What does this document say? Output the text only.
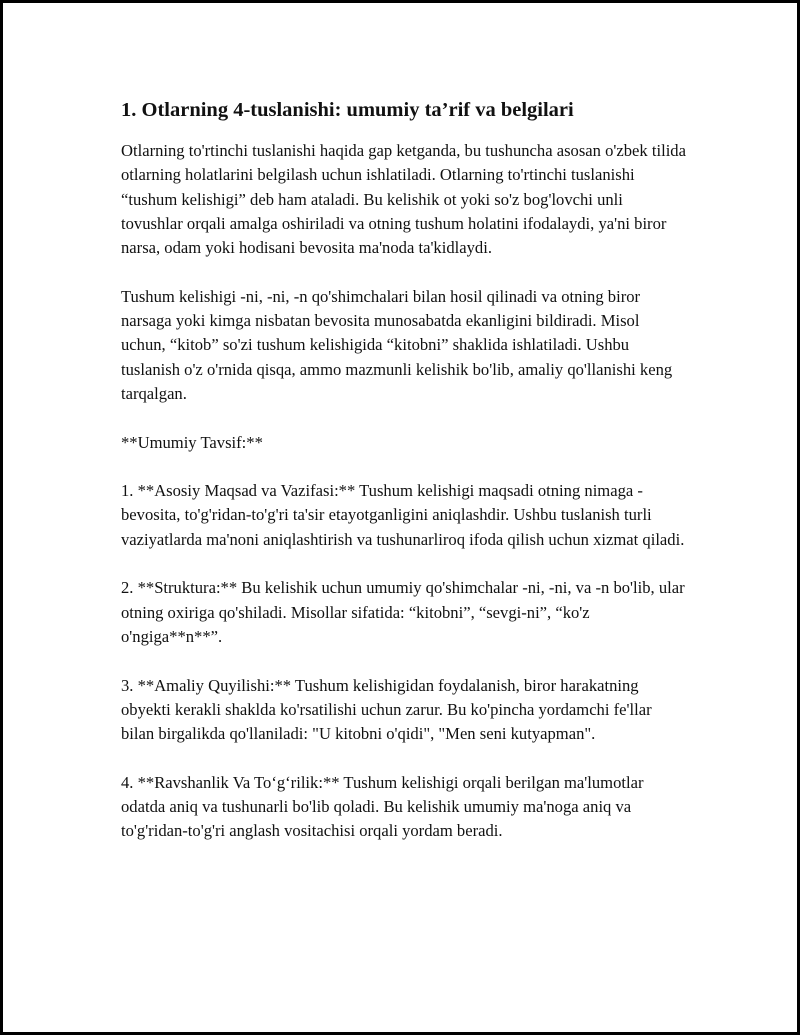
1. Otlarning 4-tuslanishi: umumiy ta’rif va belgilari

Otlarning to'rtinchi tuslanishi haqida gap ketganda, bu tushuncha asosan o'zbek tilida otlarning holatlarini belgilash uchun ishlatiladi. Otlarning to'rtinchi tuslanishi “tushum kelishigi” deb ham ataladi. Bu kelishik ot yoki so'z bog'lovchi unli tovushlar orqali amalga oshiriladi va otning tushum holatini ifodalaydi, ya'ni biror narsa, odam yoki hodisani bevosita ma'noda ta'kidlaydi.

Tushum kelishigi -ni, -ni, -n qo'shimchalari bilan hosil qilinadi va otning biror narsaga yoki kimga nisbatan bevosita munosabatda ekanligini bildiradi. Misol uchun, “kitob” so'zi tushum kelishigida “kitobni” shaklida ishlatiladi. Ushbu tuslanish o'z o'rnida qisqa, ammo mazmunli kelishik bo'lib, amaliy qo'llanishi keng tarqalgan.

**Umumiy Tavsif:**

1. **Asosiy Maqsad va Vazifasi:** Tushum kelishigi maqsadi otning nimaga - bevosita, to'g'ridan-to'g'ri ta'sir etayotganligini aniqlashdir. Ushbu tuslanish turli vaziyatlarda ma'noni aniqlashtirish va tushunarliroq ifoda qilish uchun xizmat qiladi.

2. **Struktura:** Bu kelishik uchun umumiy qo'shimchalar -ni, -ni, va -n bo'lib, ular otning oxiriga qo'shiladi. Misollar sifatida: “kitobni”, “sevgi-ni”, “ko'z o'ngiga**n**”.

3. **Amaliy Quyilishi:** Tushum kelishigidan foydalanish, biror harakatning obyekti kerakli shaklda ko'rsatilishi uchun zarur. Bu ko'pincha yordamchi fe'llar bilan birgalikda qo'llaniladi: "U kitobni o'qidi", "Men seni kutyapman".

4. **Ravshanlik Va To‘g‘rilik:** Tushum kelishigi orqali berilgan ma'lumotlar odatda aniq va tushunarli bo'lib qoladi. Bu kelishik umumiy ma'noga aniq va to'g'ridan-to'g'ri anglash vositachisi orqali yordam beradi.
